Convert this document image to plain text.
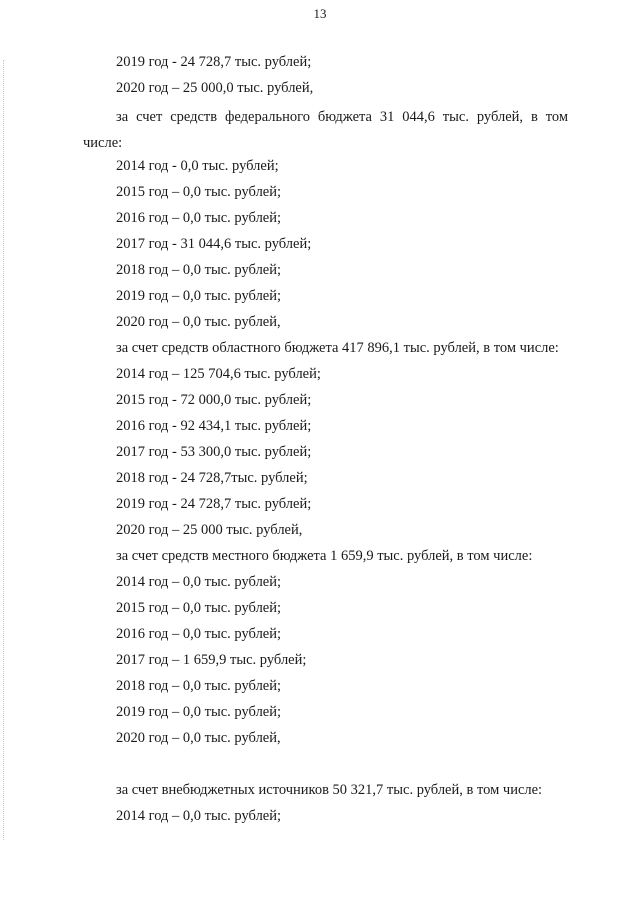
13
2019 год - 24 728,7 тыс. рублей;
2020 год – 25 000,0 тыс. рублей,
за счет средств федерального бюджета 31 044,6 тыс. рублей, в том
числе:
2014 год - 0,0 тыс. рублей;
2015 год – 0,0 тыс. рублей;
2016 год – 0,0 тыс. рублей;
2017 год - 31 044,6 тыс. рублей;
2018 год – 0,0 тыс. рублей;
2019 год – 0,0 тыс. рублей;
2020 год – 0,0 тыс. рублей,
за счет средств областного бюджета 417 896,1 тыс. рублей, в том числе:
2014 год – 125 704,6 тыс. рублей;
2015 год - 72 000,0 тыс. рублей;
2016 год - 92 434,1 тыс. рублей;
2017 год - 53 300,0 тыс. рублей;
2018 год - 24 728,7тыс. рублей;
2019 год - 24 728,7 тыс. рублей;
2020 год – 25 000 тыс. рублей,
за счет средств местного бюджета 1 659,9 тыс. рублей, в том числе:
2014 год – 0,0 тыс. рублей;
2015 год – 0,0 тыс. рублей;
2016 год – 0,0 тыс. рублей;
2017 год – 1 659,9 тыс. рублей;
2018 год – 0,0 тыс. рублей;
2019 год – 0,0 тыс. рублей;
2020 год – 0,0 тыс. рублей,
за счет внебюджетных источников 50 321,7 тыс. рублей, в том числе:
2014 год – 0,0 тыс. рублей;
